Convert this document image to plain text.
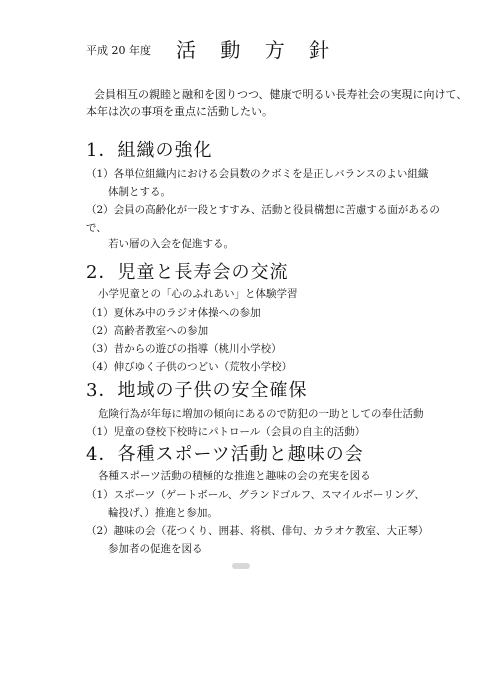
平成 20 年度 活 動 方 針
会員相互の親睦と融和を図りつつ、健康で明るい長寿社会の実現に向けて、
本年は次の事項を重点に活動したい。
1．組織の強化
（1）各単位組織内における会員数のクボミを是正しバランスのよい組織
体制とする。
（2）会員の高齢化が一段とすすみ、活動と役員構想に苦慮する面があるの
で、
若い層の入会を促進する。
2．児童と長寿会の交流
小学児童との「心のふれあい」と体験学習
（1）夏休み中のラジオ体操への参加
（2）高齢者教室への参加
（3）昔からの遊びの指導（桃川小学校）
（4）伸びゆく子供のつどい（荒牧小学校）
3．地域の子供の安全確保
危険行為が年毎に増加の傾向にあるので防犯の一助としての奉仕活動
（1）児童の登校下校時にパトロール（会員の自主的活動）
4．各種スポーツ活動と趣味の会
各種スポーツ活動の積極的な推進と趣味の会の充実を図る
（1）スポーツ（ゲートボール、グランドゴルフ、スマイルボーリング、
輪投げ、）推進と参加。
（2）趣味の会（花つくり、囲碁、将棋、俳句、カラオケ教室、大正琴）
参加者の促進を図る
